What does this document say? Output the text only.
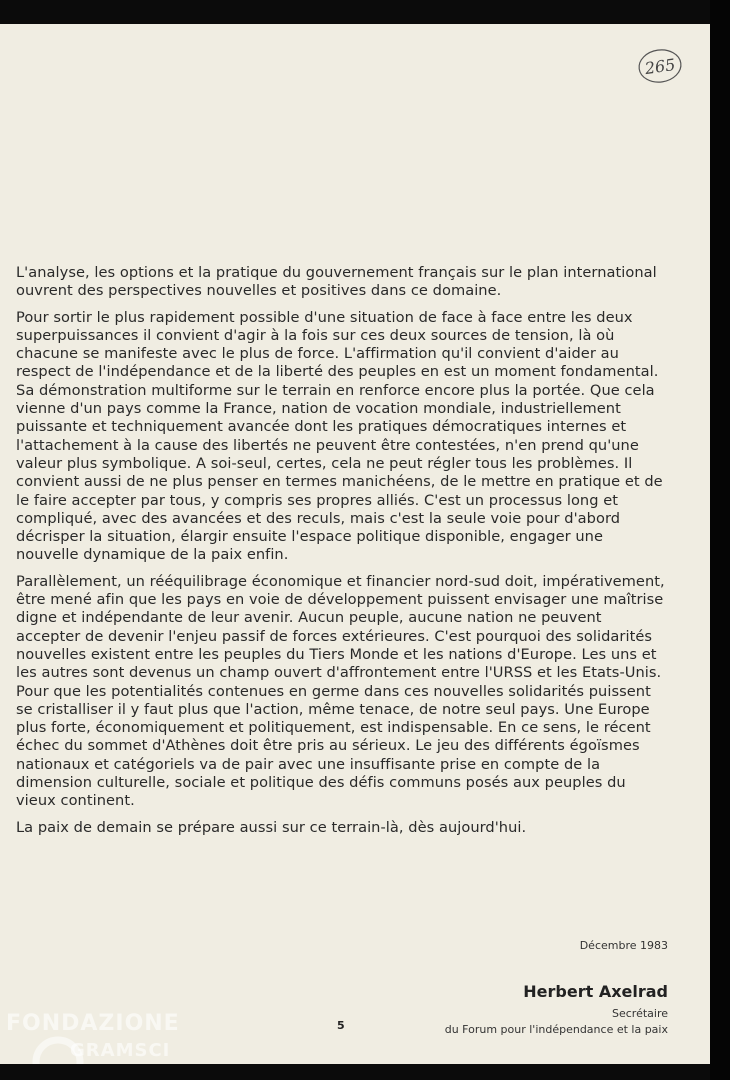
265

L'analyse, les options et la pratique du gouvernement français sur le plan international ouvrent des perspectives nouvelles et positives dans ce domaine.

Pour sortir le plus rapidement possible d'une situation de face à face entre les deux superpuissances il convient d'agir à la fois sur ces deux sources de tension, là où chacune se manifeste avec le plus de force. L'affirmation qu'il convient d'aider au respect de l'indépendance et de la liberté des peuples en est un moment fondamental. Sa démonstration multiforme sur le terrain en renforce encore plus la portée. Que cela vienne d'un pays comme la France, nation de vocation mondiale, industriellement puissante et techniquement avancée dont les pratiques démocratiques internes et l'attachement à la cause des libertés ne peuvent être contestées, n'en prend qu'une valeur plus symbolique. A soi-seul, certes, cela ne peut régler tous les problèmes. Il convient aussi de ne plus penser en termes manichéens, de le mettre en pratique et de le faire accepter par tous, y compris ses propres alliés. C'est un processus long et compliqué, avec des avancées et des reculs, mais c'est la seule voie pour d'abord décrisper la situation, élargir ensuite l'espace politique disponible, engager une nouvelle dynamique de la paix enfin.

Parallèlement, un rééquilibrage économique et financier nord-sud doit, impérativement, être mené afin que les pays en voie de développement puissent envisager une maîtrise digne et indépendante de leur avenir. Aucun peuple, aucune nation ne peuvent accepter de devenir l'enjeu passif de forces extérieures. C'est pourquoi des solidarités nouvelles existent entre les peuples du Tiers Monde et les nations d'Europe. Les uns et les autres sont devenus un champ ouvert d'affrontement entre l'URSS et les Etats-Unis. Pour que les potentialités contenues en germe dans ces nouvelles solidarités puissent se cristalliser il y faut plus que l'action, même tenace, de notre seul pays. Une Europe plus forte, économiquement et politiquement, est indispensable. En ce sens, le récent échec du sommet d'Athènes doit être pris au sérieux. Le jeu des différents égoïsmes nationaux et catégoriels va de pair avec une insuffisante prise en compte de la dimension culturelle, sociale et politique des défis communs posés aux peuples du vieux continent.

La paix de demain se prépare aussi sur ce terrain-là, dès aujourd'hui.

Décembre 1983
Herbert Axelrad
Secrétaire
du Forum pour l'indépendance et la paix
5
FONDAZIONE
GRAMSCI
